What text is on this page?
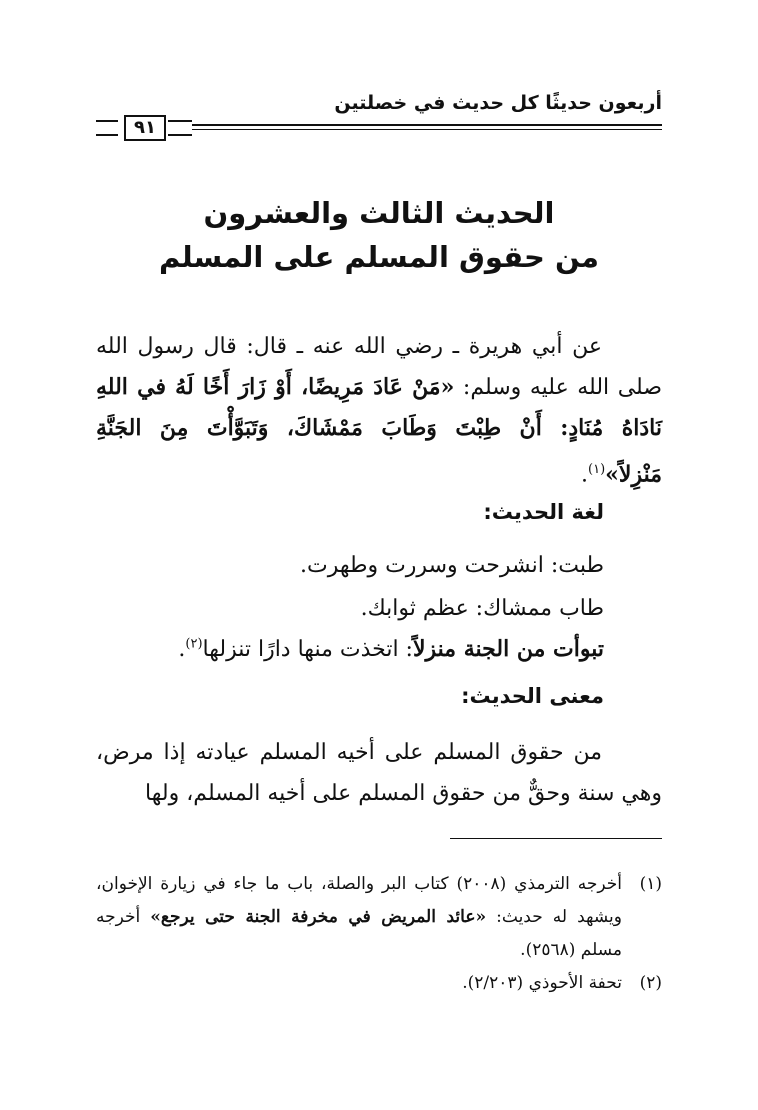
أربعون حديثًا كل حديث في خصلتين
٩١
الحديث الثالث والعشرون
من حقوق المسلم على المسلم
عن أبي هريرة ـ رضي الله عنه ـ قال: قال رسول الله صلى الله عليه وسلم: «مَنْ عَادَ مَرِيضًا، أَوْ زَارَ أَخًا لَهُ في اللهِ نَادَاهُ مُنَادٍ: أَنْ طِبْتَ وَطَابَ مَمْشَاكَ، وَتَبَوَّأْتَ مِنَ الجَنَّةِ مَنْزِلاً»$^{(١)}$.
لغة الحديث:
طبت: انشرحت وسررت وطهرت.
طاب ممشاك: عظم ثوابك.
تبوأت من الجنة منزلاً: اتخذت منها دارًا تنزلها$^{(٢)}$.
معنى الحديث:
من حقوق المسلم على أخيه المسلم عيادته إذا مرض، وهي سنة وحقٌّ من حقوق المسلم على أخيه المسلم، ولها
(١)
أخرجه الترمذي (٢٠٠٨) كتاب البر والصلة، باب ما جاء في زيارة الإخوان، ويشهد له حديث: «عائد المريض في مخرفة الجنة حتى يرجع» أخرجه مسلم (٢٥٦٨).
(٢)
تحفة الأحوذي (٢/٢٠٣).
